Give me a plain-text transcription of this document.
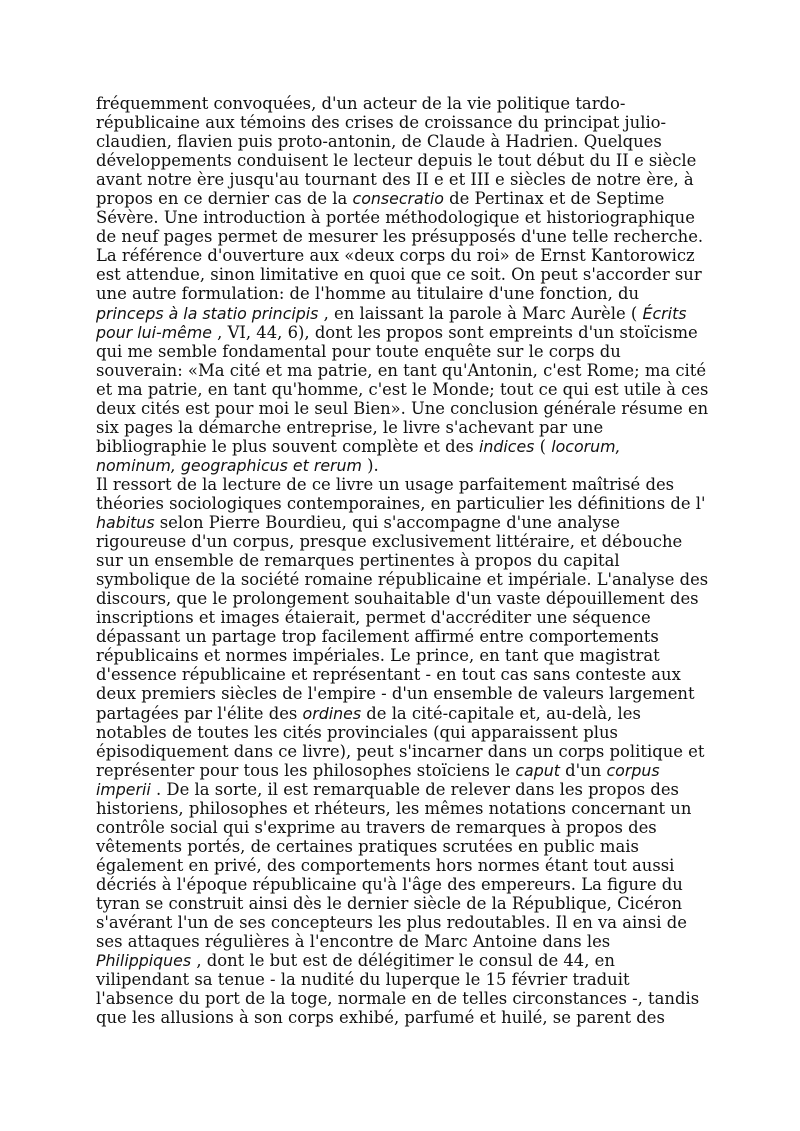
fréquemment convoquées, d'un acteur de la vie politique tardo-
républicaine aux témoins des crises de croissance du principat julio-
claudien, flavien puis proto-antonin, de Claude à Hadrien. Quelques
développements conduisent le lecteur depuis le tout début du II e siècle
avant notre ère jusqu'au tournant des II e et III e siècles de notre ère, à
propos en ce dernier cas de la consecratio de Pertinax et de Septime
Sévère. Une introduction à portée méthodologique et historiographique
de neuf pages permet de mesurer les présupposés d'une telle recherche.
La référence d'ouverture aux «deux corps du roi» de Ernst Kantorowicz
est attendue, sinon limitative en quoi que ce soit. On peut s'accorder sur
une autre formulation: de l'homme au titulaire d'une fonction, du
princeps à la statio principis , en laissant la parole à Marc Aurèle ( Écrits
pour lui-même , VI, 44, 6), dont les propos sont empreints d'un stoïcisme
qui me semble fondamental pour toute enquête sur le corps du
souverain: «Ma cité et ma patrie, en tant qu'Antonin, c'est Rome; ma cité
et ma patrie, en tant qu'homme, c'est le Monde; tout ce qui est utile à ces
deux cités est pour moi le seul Bien». Une conclusion générale résume en
six pages la démarche entreprise, le livre s'achevant par une
bibliographie le plus souvent complète et des indices ( locorum,
nominum, geographicus et rerum ).
Il ressort de la lecture de ce livre un usage parfaitement maîtrisé des
théories sociologiques contemporaines, en particulier les définitions de l'
habitus selon Pierre Bourdieu, qui s'accompagne d'une analyse
rigoureuse d'un corpus, presque exclusivement littéraire, et débouche
sur un ensemble de remarques pertinentes à propos du capital
symbolique de la société romaine républicaine et impériale. L'analyse des
discours, que le prolongement souhaitable d'un vaste dépouillement des
inscriptions et images étaierait, permet d'accréditer une séquence
dépassant un partage trop facilement affirmé entre comportements
républicains et normes impériales. Le prince, en tant que magistrat
d'essence républicaine et représentant - en tout cas sans conteste aux
deux premiers siècles de l'empire - d'un ensemble de valeurs largement
partagées par l'élite des ordines de la cité-capitale et, au-delà, les
notables de toutes les cités provinciales (qui apparaissent plus
épisodiquement dans ce livre), peut s'incarner dans un corps politique et
représenter pour tous les philosophes stoïciens le caput d'un corpus
imperii . De la sorte, il est remarquable de relever dans les propos des
historiens, philosophes et rhéteurs, les mêmes notations concernant un
contrôle social qui s'exprime au travers de remarques à propos des
vêtements portés, de certaines pratiques scrutées en public mais
également en privé, des comportements hors normes étant tout aussi
décriés à l'époque républicaine qu'à l'âge des empereurs. La figure du
tyran se construit ainsi dès le dernier siècle de la République, Cicéron
s'avérant l'un de ses concepteurs les plus redoutables. Il en va ainsi de
ses attaques régulières à l'encontre de Marc Antoine dans les
Philippiques , dont le but est de délégitimer le consul de 44, en
vilipendant sa tenue - la nudité du luperque le 15 février traduit
l'absence du port de la toge, normale en de telles circonstances -, tandis
que les allusions à son corps exhibé, parfumé et huilé, se parent des
